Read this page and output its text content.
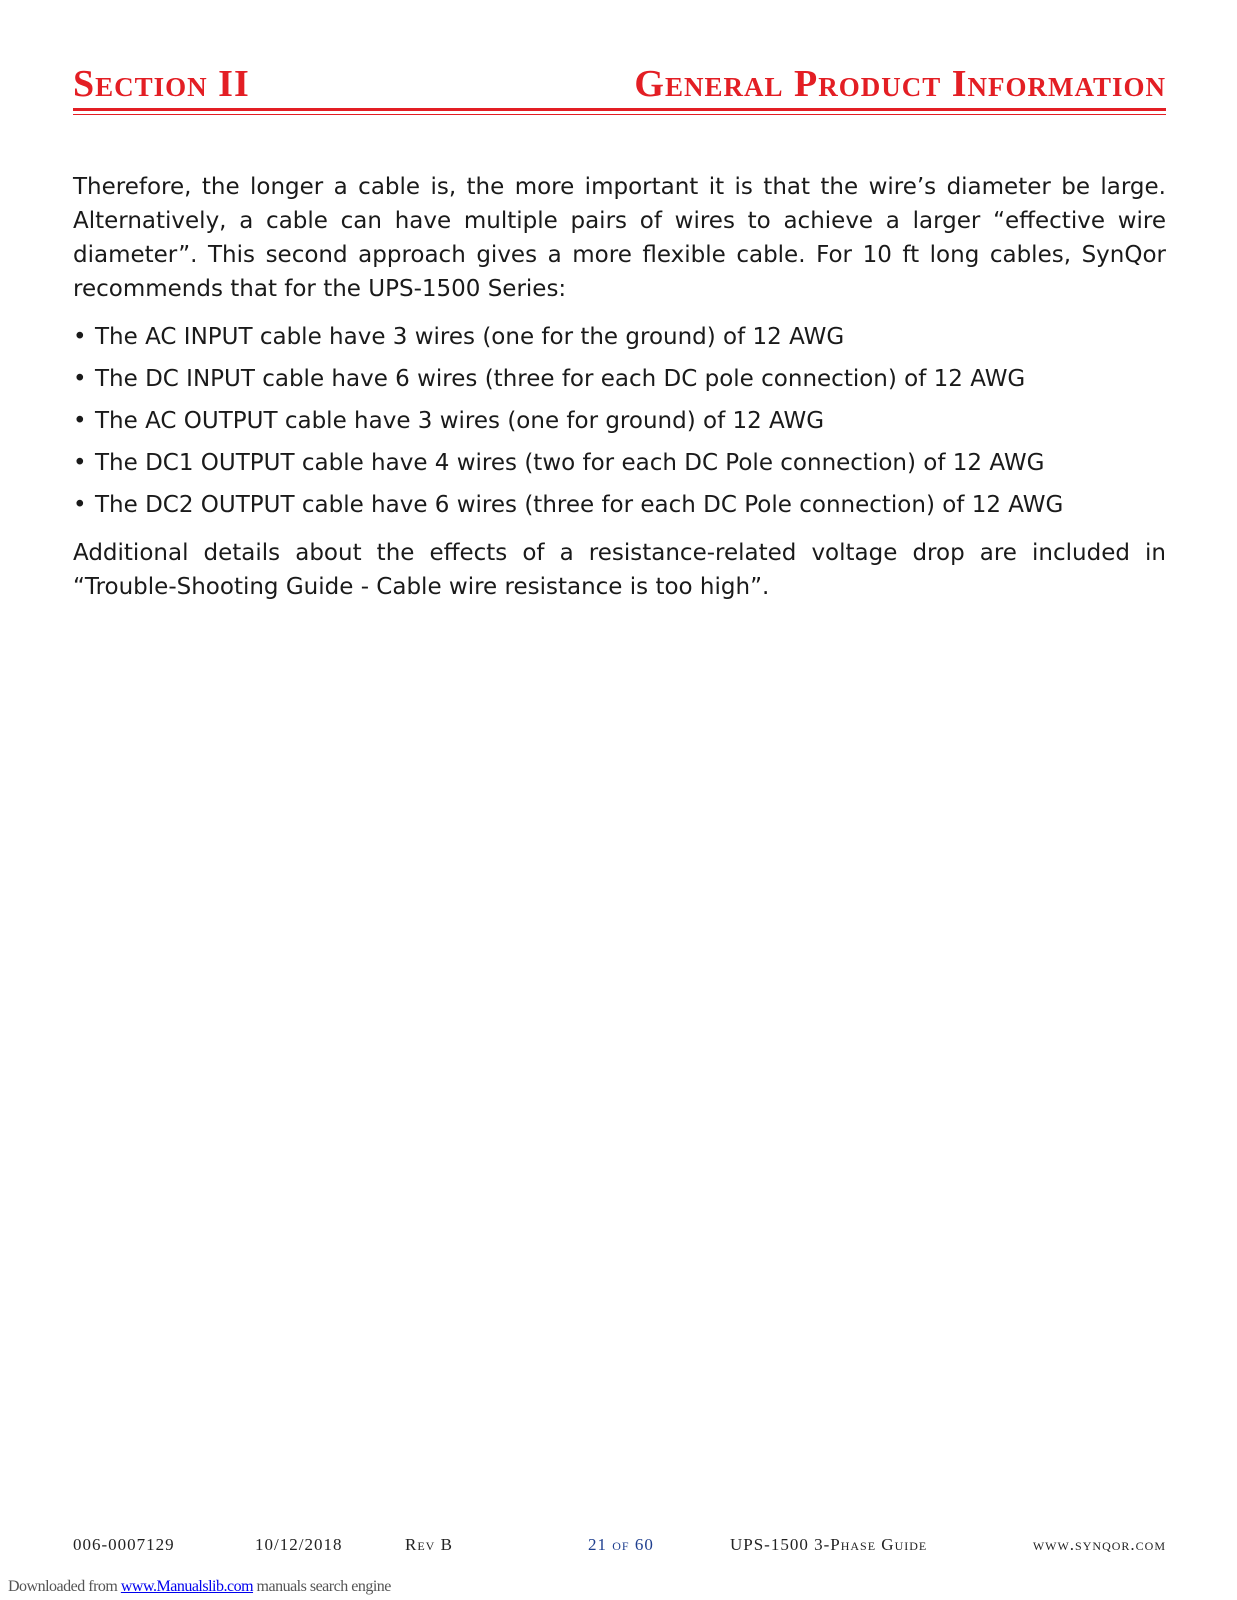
Section II	General Product Information

Therefore, the longer a cable is, the more important it is that the wire’s diameter be large. Alternatively, a cable can have multiple pairs of wires to achieve a larger “effective wire diameter”. This second approach gives a more flexible cable. For 10 ft long cables, SynQor recommends that for the UPS-1500 Series:

• The AC INPUT cable have 3 wires (one for the ground) of 12 AWG
• The DC INPUT cable have 6 wires (three for each DC pole connection) of 12 AWG
• The AC OUTPUT cable have 3 wires (one for ground) of 12 AWG
• The DC1 OUTPUT cable have 4 wires (two for each DC Pole connection) of 12 AWG
• The DC2 OUTPUT cable have 6 wires (three for each DC Pole connection) of 12 AWG

Additional details about the effects of a resistance-related voltage drop are included in “Trouble-Shooting Guide - Cable wire resistance is too high”.

006-0007129	10/12/2018	Rev B	21 of 60	UPS-1500 3-Phase Guide	www.synqor.com
Downloaded from www.Manualslib.com manuals search engine
